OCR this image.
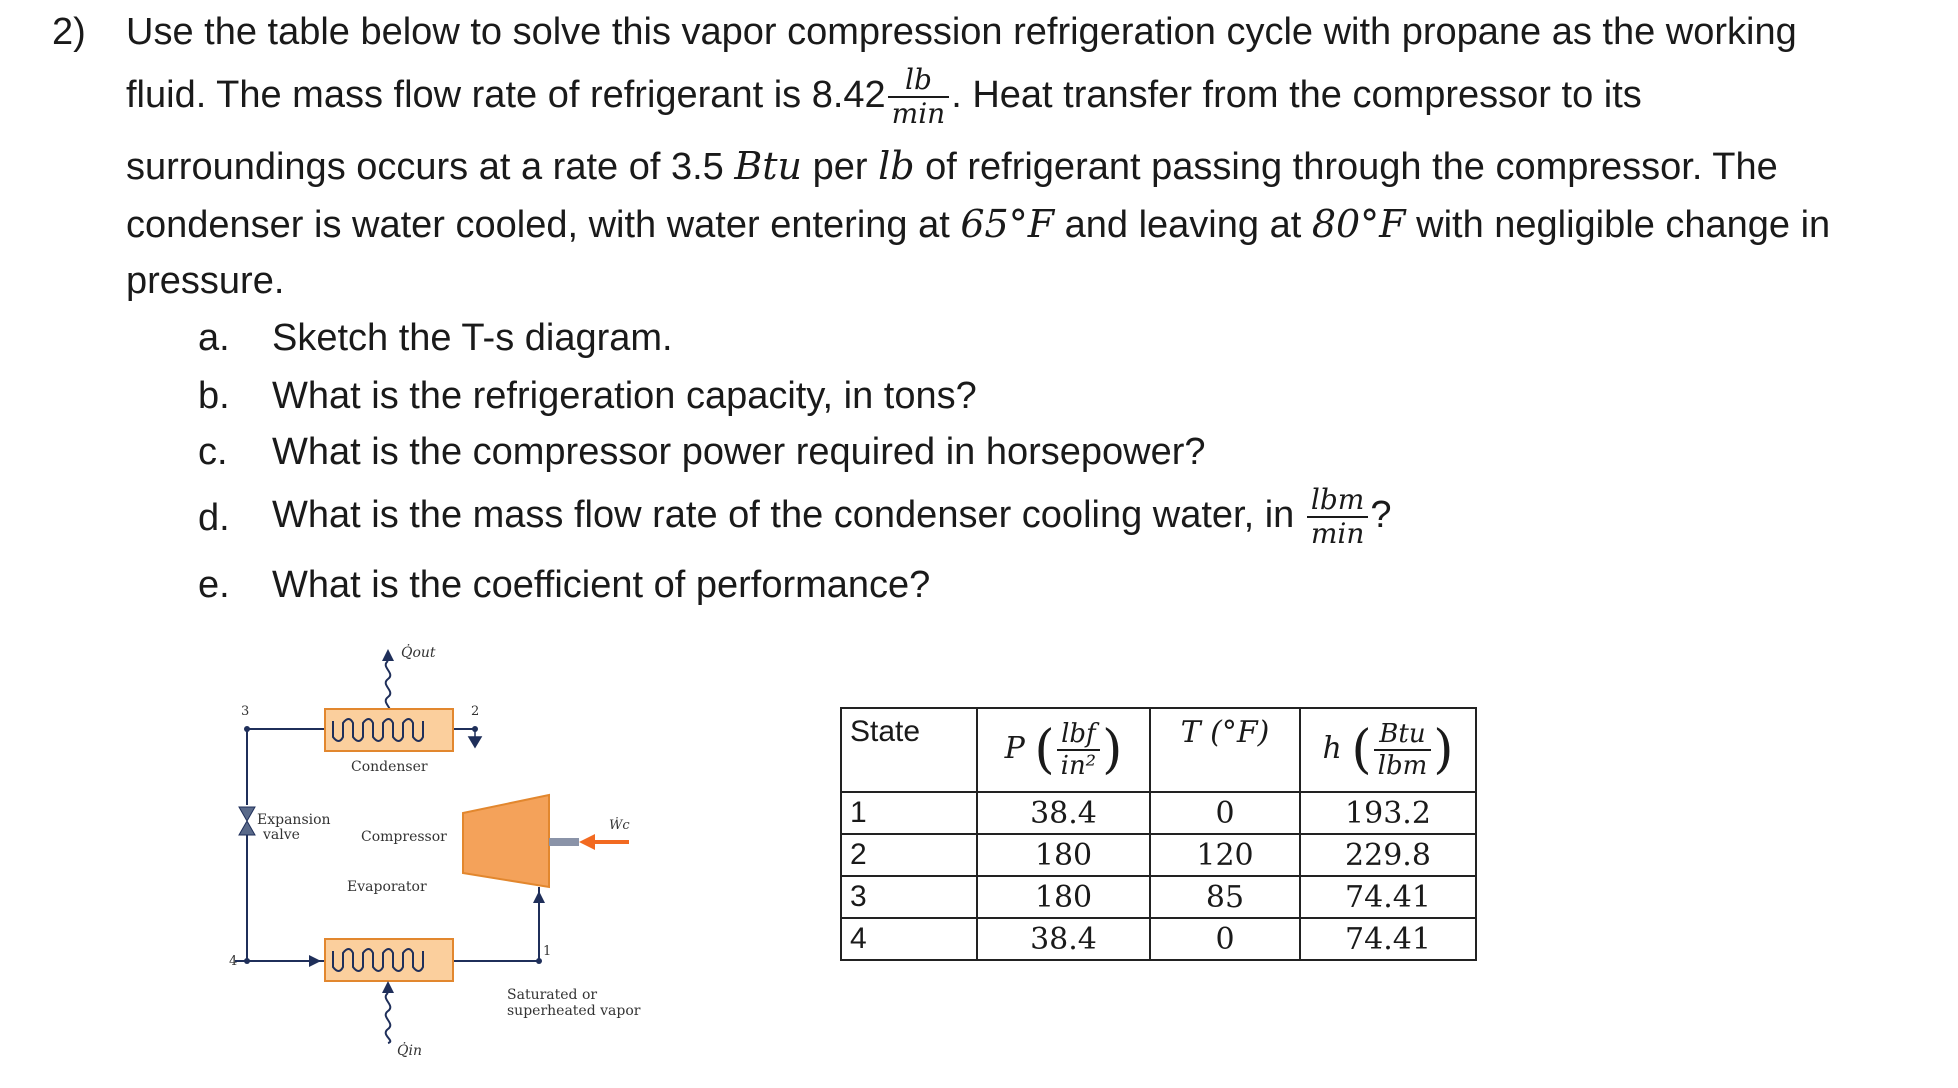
2) Use the table below to solve this vapor compression refrigeration cycle with propane as the working
fluid. The mass flow rate of refrigerant is $8.42 \frac{lb}{\min}$ . Heat transfer from the compressor to its
surroundings occurs at a rate of 3.5 Btu per lb of refrigerant passing through the compressor. The
condenser is water cooled, with water entering at 65°F and leaving at 80°F with negligible change in
pressure.
a. Sketch the T-s diagram.
b. What is the refrigeration capacity, in tons?
c. What is the compressor power required in horsepower?
d. What is the mass flow rate of the condenser cooling water, in $\frac{\text{lbm}}{\min}$ ?
e. What is the coefficient of performance?
Q̇out
3
Condenser
2
Expansion
valve	Compressor
Ẇc
Evaporator
4
1
Saturated or
superheated vapor
Q̇in
State	P ( $\frac{\text{lbf}}{\text{in²}}$ )	T (°F)	h ( $\frac{\text{Btu}}{\text{lbm}}$ )
1	38.4	0	193.2
2	180	120	229.8
3	180	85	74.41
4	38.4	0	74.41
